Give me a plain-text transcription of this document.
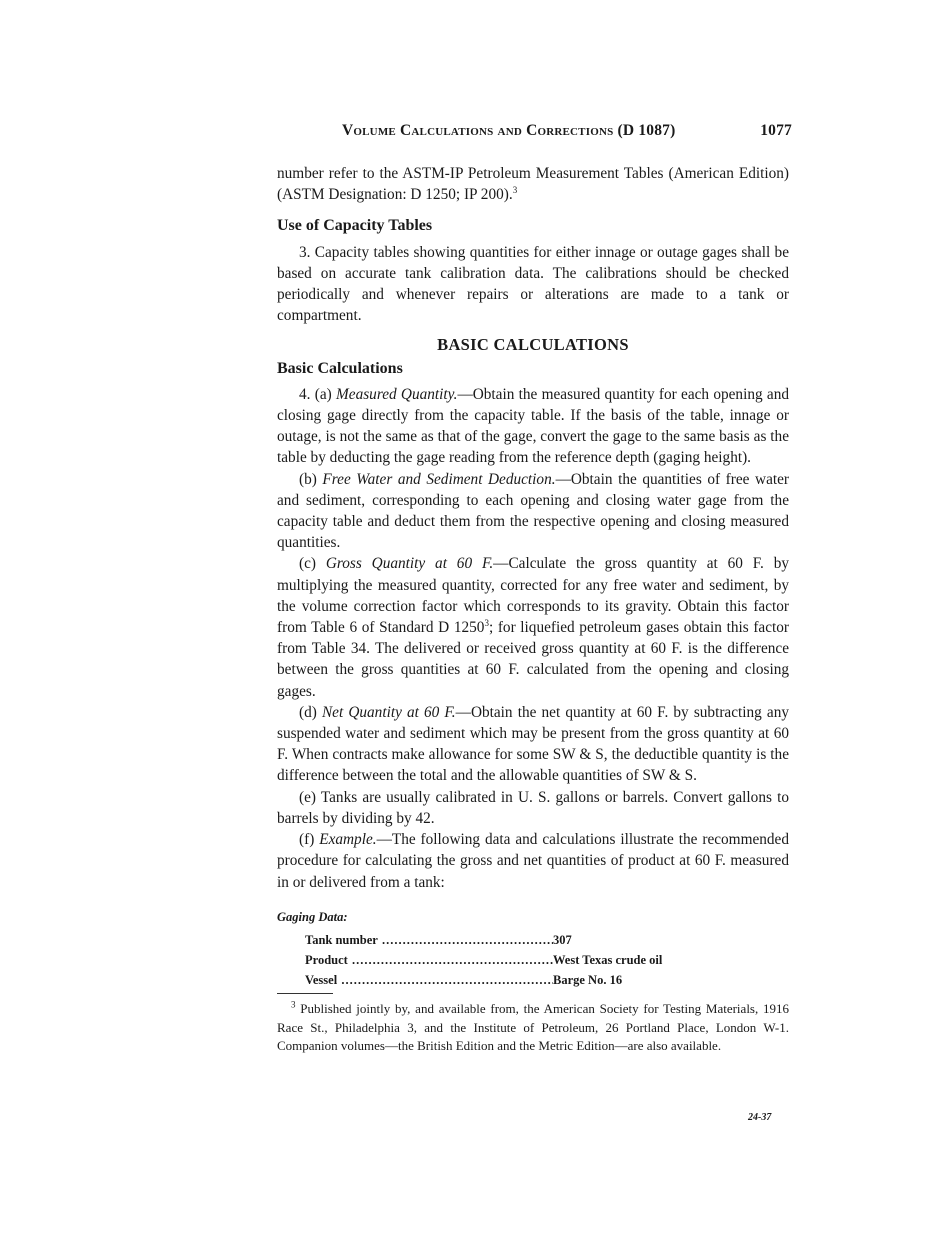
Volume Calculations and Corrections (D 1087)	1077

number refer to the ASTM-IP Petroleum Measurement Tables (American Edition) (ASTM Designation: D 1250; IP 200).$^3$

Use of Capacity Tables

3. Capacity tables showing quantities for either innage or outage gages shall be based on accurate tank calibration data. The calibrations should be checked periodically and whenever repairs or alterations are made to a tank or compartment.

BASIC CALCULATIONS
Basic Calculations

4. (a) Measured Quantity.—Obtain the measured quantity for each opening and closing gage directly from the capacity table. If the basis of the table, innage or outage, is not the same as that of the gage, convert the gage to the same basis as the table by deducting the gage reading from the reference depth (gaging height).

(b) Free Water and Sediment Deduction.—Obtain the quantities of free water and sediment, corresponding to each opening and closing water gage from the capacity table and deduct them from the respective opening and closing measured quantities.

(c) Gross Quantity at 60 F.—Calculate the gross quantity at 60 F. by multiplying the measured quantity, corrected for any free water and sediment, by the volume correction factor which corresponds to its gravity. Obtain this factor from Table 6 of Standard D 1250$^3$; for liquefied petroleum gases obtain this factor from Table 34. The delivered or received gross quantity at 60 F. is the difference between the gross quantities at 60 F. calculated from the opening and closing gages.

(d) Net Quantity at 60 F.—Obtain the net quantity at 60 F. by subtracting any suspended water and sediment which may be present from the gross quantity at 60 F. When contracts make allowance for some SW & S, the deductible quantity is the difference between the total and the allowable quantities of SW & S.

(e) Tanks are usually calibrated in U. S. gallons or barrels. Convert gallons to barrels by dividing by 42.

(f) Example.—The following data and calculations illustrate the recommended procedure for calculating the gross and net quantities of product at 60 F. measured in or delivered from a tank:

Gaging Data:
Tank number .....	307
Product .....	West Texas crude oil
Vessel .....	Barge No. 16

$^3$ Published jointly by, and available from, the American Society for Testing Materials, 1916 Race St., Philadelphia 3, and the Institute of Petroleum, 26 Portland Place, London W-1. Companion volumes—the British Edition and the Metric Edition—are also available.

24-37
